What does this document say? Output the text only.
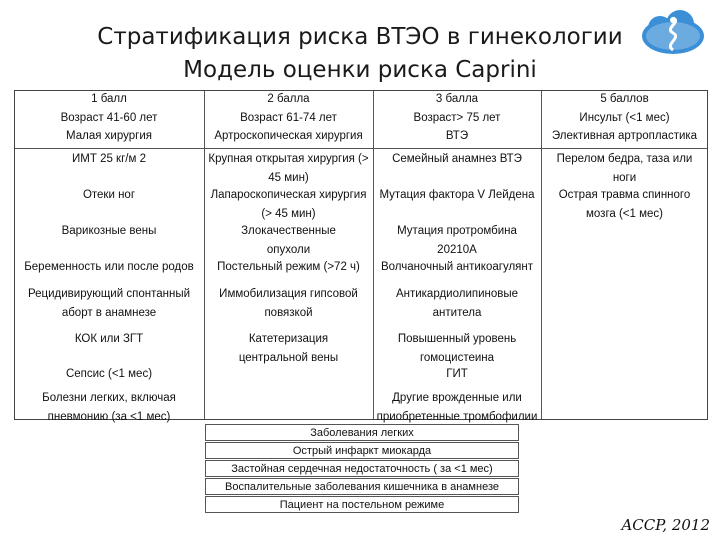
Стратификация риска ВТЭО в гинекологии
Модель оценки риска Caprini
1 балл
Возраст 41-60 лет
Малая хирургия
2 балла
Возраст 61-74 лет
Артроскопическая хирургия
3 балла
Возраст> 75 лет
ВТЭ
5 баллов
Инсульт (<1 мес)
Элективная артропластика
ИМТ 25 кг/м 2
Отеки ног
Варикозные вены
Беременность или после родов
Рецидивирующий спонтанный
аборт в анамнезе
КОК или ЗГТ
Сепсис (<1 мес)
Болезни легких, включая
пневмонию (за <1 мес)
Крупная открытая хирургия (>
45 мин)
Лапароскопическая хирургия
(> 45 мин)
Злокачественные
опухоли
Постельный режим (>72 ч)
Иммобилизация гипсовой
повязкой
Катетеризация
центральной вены
Семейный анамнез ВТЭ
Мутация фактора V Лейдена
Мутация протромбина
20210A
Волчаночный антикоагулянт
Антикардиолипиновые
антитела
Повышенный уровень
гомоцистеина
ГИТ
Другие врожденные или
приобретенные тромбофилии
Перелом бедра, таза или
ноги
Острая травма спинного
мозга (<1 мес)
Заболевания легких
Острый инфаркт миокарда
Застойная сердечная недостаточность ( за <1 мес)
Воспалительные заболевания кишечника в анамнезе
Пациент на постельном режиме
ACCP, 2012
